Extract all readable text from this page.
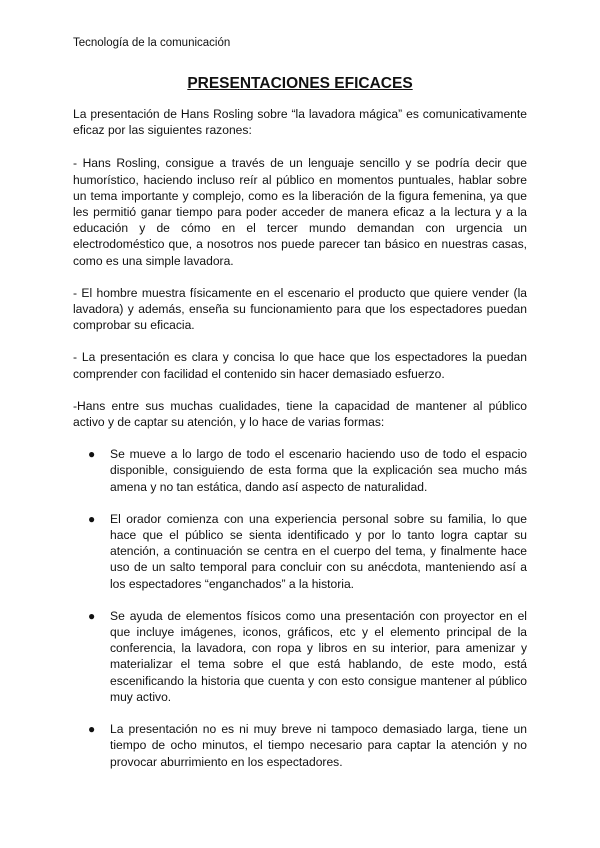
Tecnología de la comunicación
PRESENTACIONES EFICACES

La presentación de Hans Rosling sobre “la lavadora mágica” es comunicativamente eficaz por las siguientes razones:

- Hans Rosling, consigue a través de un lenguaje sencillo y se podría decir que humorístico, haciendo incluso reír al público en momentos puntuales, hablar sobre un tema importante y complejo, como es la liberación de la figura femenina, ya que les permitió ganar tiempo para poder acceder de manera eficaz a la lectura y a la educación y de cómo en el tercer mundo demandan con urgencia un electrodoméstico que, a nosotros nos puede parecer tan básico en nuestras casas, como es una simple lavadora.

- El hombre muestra físicamente en el escenario el producto que quiere vender (la lavadora) y además, enseña su funcionamiento para que los espectadores puedan comprobar su eficacia.

- La presentación es clara y concisa lo que hace que los espectadores la puedan comprender con facilidad el contenido sin hacer demasiado esfuerzo.

-Hans entre sus muchas cualidades, tiene la capacidad de mantener al público activo y de captar su atención, y lo hace de varias formas:

● Se mueve a lo largo de todo el escenario haciendo uso de todo el espacio disponible, consiguiendo de esta forma que la explicación sea mucho más amena y no tan estática, dando así aspecto de naturalidad.
● El orador comienza con una experiencia personal sobre su familia, lo que hace que el público se sienta identificado y por lo tanto logra captar su atención, a continuación se centra en el cuerpo del tema, y finalmente hace uso de un salto temporal para concluir con su anécdota, manteniendo así a los espectadores “enganchados” a la historia.
● Se ayuda de elementos físicos como una presentación con proyector en el que incluye imágenes, iconos, gráficos, etc y el elemento principal de la conferencia, la lavadora, con ropa y libros en su interior, para amenizar y materializar el tema sobre el que está hablando, de este modo, está escenificando la historia que cuenta y con esto consigue mantener al público muy activo.
● La presentación no es ni muy breve ni tampoco demasiado larga, tiene un tiempo de ocho minutos, el tiempo necesario para captar la atención y no provocar aburrimiento en los espectadores.
